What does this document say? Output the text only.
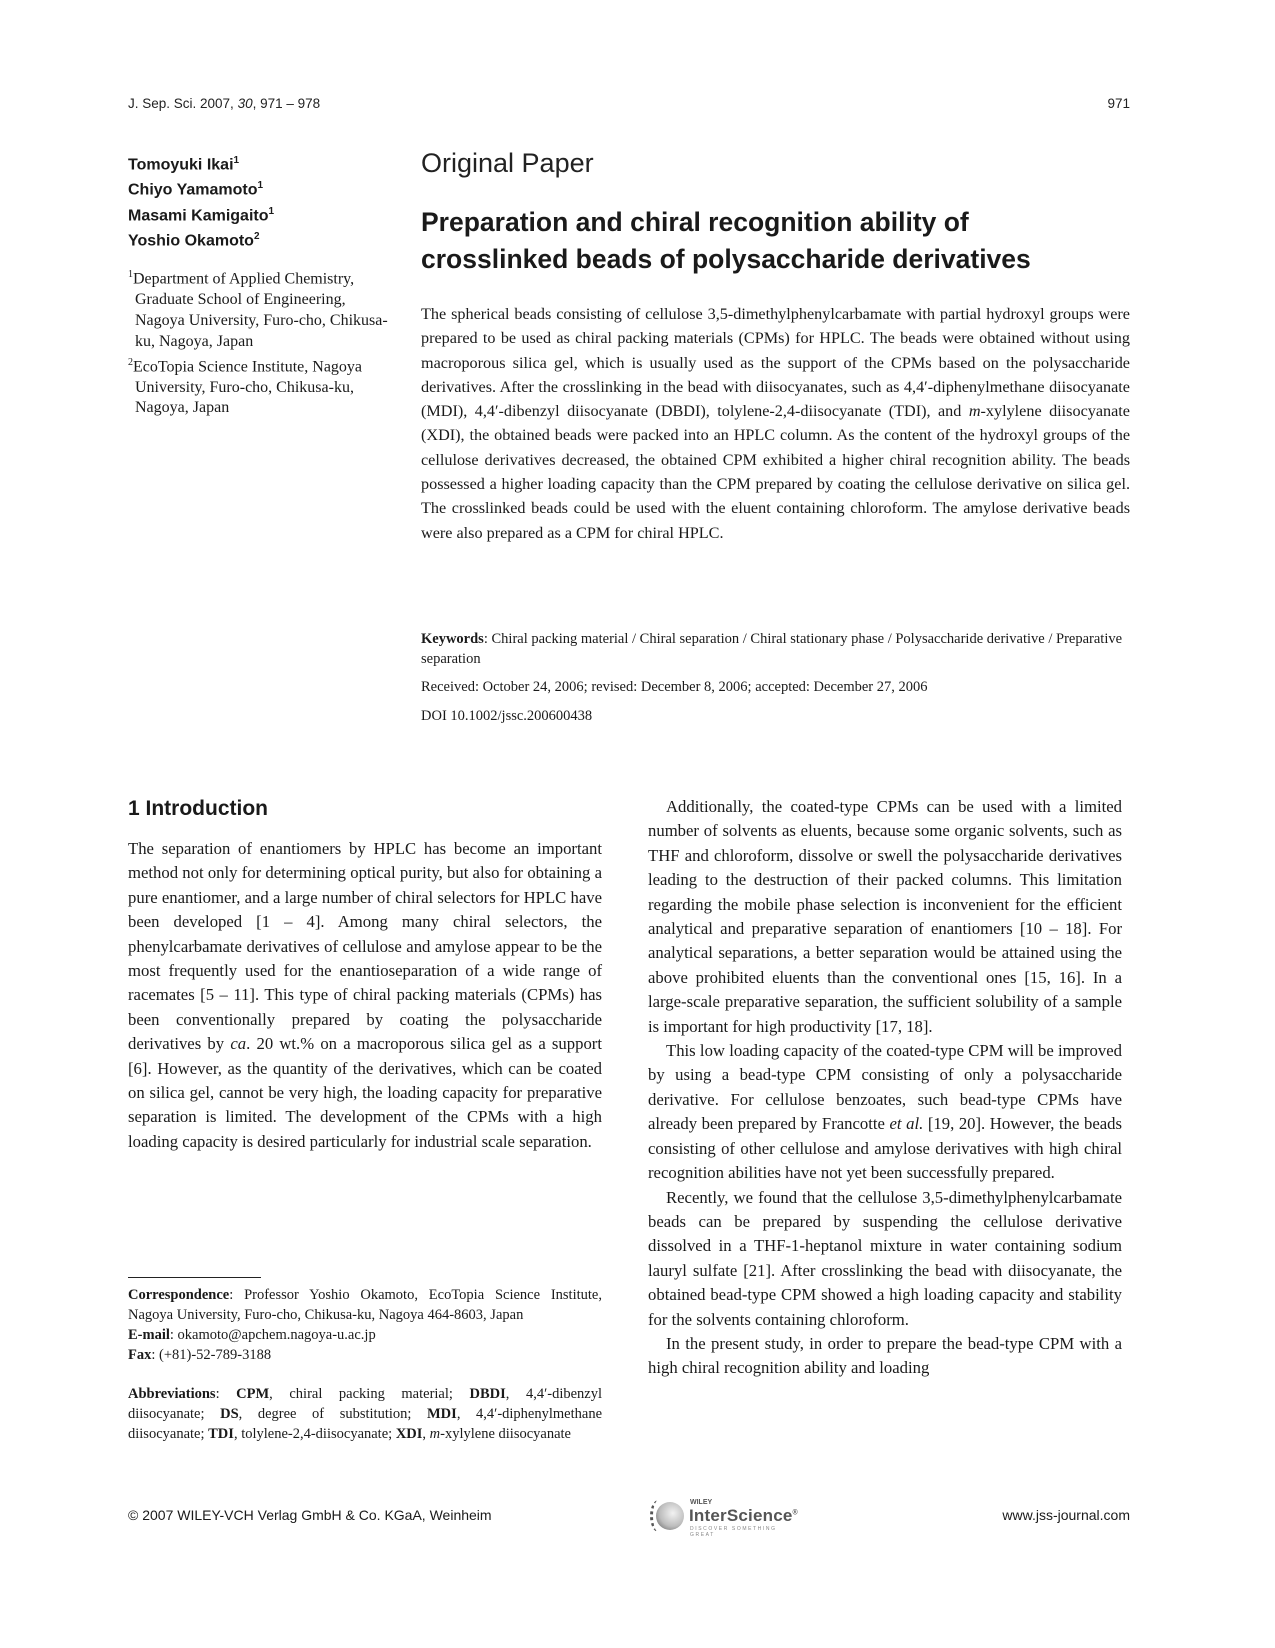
J. Sep. Sci. 2007, 30, 971 – 978	971
Tomoyuki Ikai$^1$
Chiyo Yamamoto$^1$
Masami Kamigaito$^1$
Yoshio Okamoto$^2$
$^1$Department of Applied Chemistry, Graduate School of Engineering, Nagoya University, Furo-cho, Chikusa-ku, Nagoya, Japan
$^2$EcoTopia Science Institute, Nagoya University, Furo-cho, Chikusa-ku, Nagoya, Japan
Original Paper
Preparation and chiral recognition ability of crosslinked beads of polysaccharide derivatives
The spherical beads consisting of cellulose 3,5-dimethylphenylcarbamate with partial hydroxyl groups were prepared to be used as chiral packing materials (CPMs) for HPLC. The beads were obtained without using macroporous silica gel, which is usually used as the support of the CPMs based on the polysaccharide derivatives. After the crosslinking in the bead with diisocyanates, such as 4,4′-diphenylmethane diisocyanate (MDI), 4,4′-dibenzyl diisocyanate (DBDI), tolylene-2,4-diisocyanate (TDI), and m-xylylene diisocyanate (XDI), the obtained beads were packed into an HPLC column. As the content of the hydroxyl groups of the cellulose derivatives decreased, the obtained CPM exhibited a higher chiral recognition ability. The beads possessed a higher loading capacity than the CPM prepared by coating the cellulose derivative on silica gel. The crosslinked beads could be used with the eluent containing chloroform. The amylose derivative beads were also prepared as a CPM for chiral HPLC.
Keywords: Chiral packing material / Chiral separation / Chiral stationary phase / Polysaccharide derivative / Preparative separation
Received: October 24, 2006; revised: December 8, 2006; accepted: December 27, 2006
DOI 10.1002/jssc.200600438
1 Introduction

The separation of enantiomers by HPLC has become an important method not only for determining optical purity, but also for obtaining a pure enantiomer, and a large number of chiral selectors for HPLC have been developed [1 – 4]. Among many chiral selectors, the phenylcarbamate derivatives of cellulose and amylose appear to be the most frequently used for the enantioseparation of a wide range of racemates [5 – 11]. This type of chiral packing materials (CPMs) has been conventionally prepared by coating the polysaccharide derivatives by ca. 20 wt.% on a macroporous silica gel as a support [6]. However, as the quantity of the derivatives, which can be coated on silica gel, cannot be very high, the loading capacity for preparative separation is limited. The development of the CPMs with a high loading capacity is desired particularly for industrial scale separation.

Additionally, the coated-type CPMs can be used with a limited number of solvents as eluents, because some organic solvents, such as THF and chloroform, dissolve or swell the polysaccharide derivatives leading to the destruction of their packed columns. This limitation regarding the mobile phase selection is inconvenient for the efficient analytical and preparative separation of enantiomers [10 – 18]. For analytical separations, a better separation would be attained using the above prohibited eluents than the conventional ones [15, 16]. In a large-scale preparative separation, the sufficient solubility of a sample is important for high productivity [17, 18].

This low loading capacity of the coated-type CPM will be improved by using a bead-type CPM consisting of only a polysaccharide derivative. For cellulose benzoates, such bead-type CPMs have already been prepared by Francotte et al. [19, 20]. However, the beads consisting of other cellulose and amylose derivatives with high chiral recognition abilities have not yet been successfully prepared.

Recently, we found that the cellulose 3,5-dimethylphenylcarbamate beads can be prepared by suspending the cellulose derivative dissolved in a THF-1-heptanol mixture in water containing sodium lauryl sulfate [21]. After crosslinking the bead with diisocyanate, the obtained bead-type CPM showed a high loading capacity and stability for the solvents containing chloroform.

In the present study, in order to prepare the bead-type CPM with a high chiral recognition ability and loading

Correspondence: Professor Yoshio Okamoto, EcoTopia Science Institute, Nagoya University, Furo-cho, Chikusa-ku, Nagoya 464-8603, Japan

E-mail: okamoto@apchem.nagoya-u.ac.jp

Fax: (+81)-52-789-3188

Abbreviations: CPM, chiral packing material; DBDI, 4,4′-dibenzyl diisocyanate; DS, degree of substitution; MDI, 4,4′-diphenylmethane diisocyanate; TDI, tolylene-2,4-diisocyanate; XDI, m-xylylene diisocyanate

© 2007 WILEY-VCH Verlag GmbH & Co. KGaA, Weinheim
WILEY
InterScience®
DISCOVER SOMETHING GREAT
www.jss-journal.com
